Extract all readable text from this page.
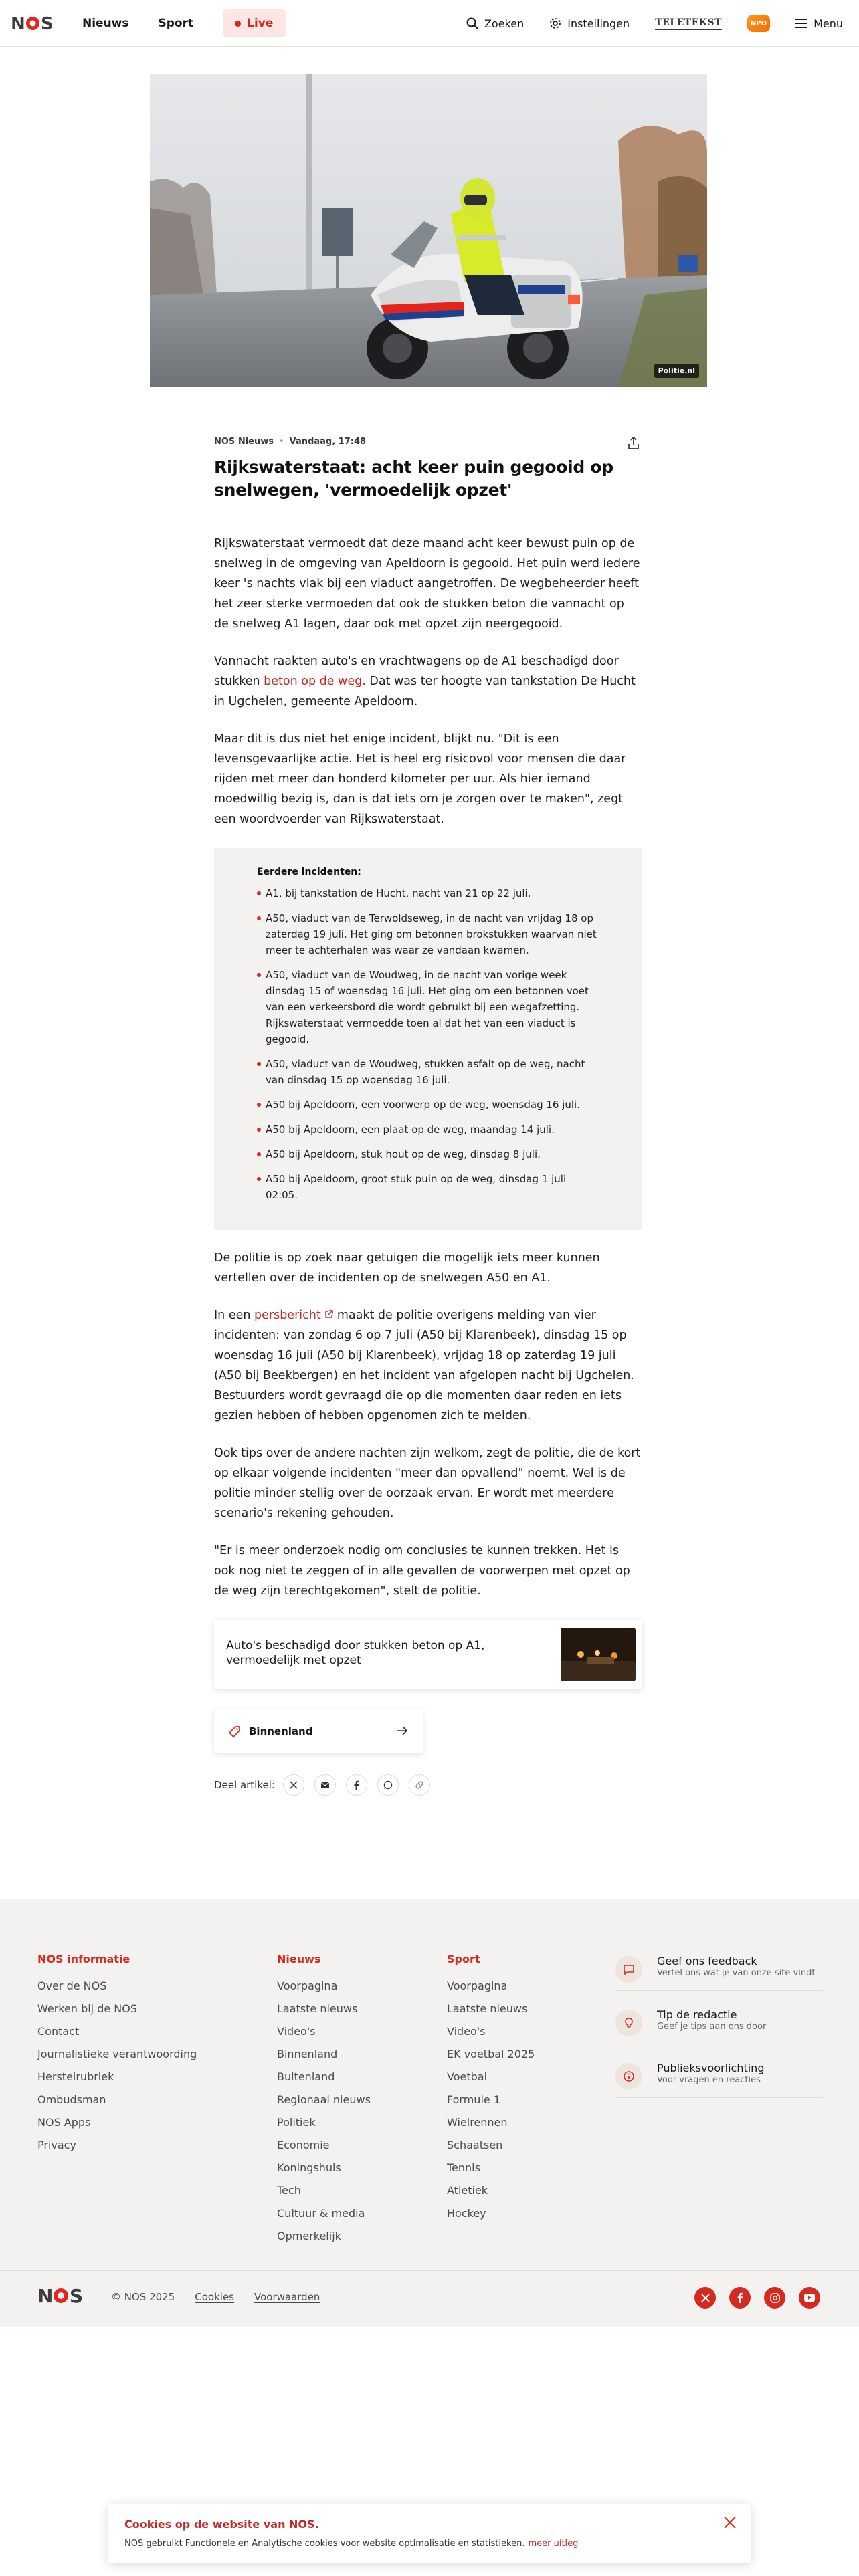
N S	Nieuws	Sport	Live	Zoeken	Instellingen	TELETEKST	NPO	Menu
Politie.nl
NOS Nieuws • Vandaag, 17:48
Rijkswaterstaat: acht keer puin gegooid op snelwegen, 'vermoedelijk opzet'

Rijkswaterstaat vermoedt dat deze maand acht keer bewust puin op de snelweg in de omgeving van Apeldoorn is gegooid. Het puin werd iedere keer 's nachts vlak bij een viaduct aangetroffen. De wegbeheerder heeft het zeer sterke vermoeden dat ook de stukken beton die vannacht op de snelweg A1 lagen, daar ook met opzet zijn neergegooid.

Vannacht raakten auto's en vrachtwagens op de A1 beschadigd door stukken beton op de weg. Dat was ter hoogte van tankstation De Hucht in Ugchelen, gemeente Apeldoorn.

Maar dit is dus niet het enige incident, blijkt nu. "Dit is een levensgevaarlijke actie. Het is heel erg risicovol voor mensen die daar rijden met meer dan honderd kilometer per uur. Als hier iemand moedwillig bezig is, dan is dat iets om je zorgen over te maken", zegt een woordvoerder van Rijkswaterstaat.

Eerdere incidenten:
A1, bij tankstation de Hucht, nacht van 21 op 22 juli.
A50, viaduct van de Terwoldseweg, in de nacht van vrijdag 18 op zaterdag 19 juli. Het ging om betonnen brokstukken waarvan niet meer te achterhalen was waar ze vandaan kwamen.
A50, viaduct van de Woudweg, in de nacht van vorige week dinsdag 15 of woensdag 16 juli. Het ging om een betonnen voet van een verkeersbord die wordt gebruikt bij een wegafzetting. Rijkswaterstaat vermoedde toen al dat het van een viaduct is gegooid.
A50, viaduct van de Woudweg, stukken asfalt op de weg, nacht van dinsdag 15 op woensdag 16 juli.
A50 bij Apeldoorn, een voorwerp op de weg, woensdag 16 juli.
A50 bij Apeldoorn, een plaat op de weg, maandag 14 juli.
A50 bij Apeldoorn, stuk hout op de weg, dinsdag 8 juli.
A50 bij Apeldoorn, groot stuk puin op de weg, dinsdag 1 juli 02:05.

De politie is op zoek naar getuigen die mogelijk iets meer kunnen vertellen over de incidenten op de snelwegen A50 en A1.

In een persbericht  maakt de politie overigens melding van vier incidenten: van zondag 6 op 7 juli (A50 bij Klarenbeek), dinsdag 15 op woensdag 16 juli (A50 bij Klarenbeek), vrijdag 18 op zaterdag 19 juli (A50 bij Beekbergen) en het incident van afgelopen nacht bij Ugchelen. Bestuurders wordt gevraagd die op die momenten daar reden en iets gezien hebben of hebben opgenomen zich te melden.

Ook tips over de andere nachten zijn welkom, zegt de politie, die de kort op elkaar volgende incidenten "meer dan opvallend" noemt. Wel is de politie minder stellig over de oorzaak ervan. Er wordt met meerdere scenario's rekening gehouden.

"Er is meer onderzoek nodig om conclusies te kunnen trekken. Het is ook nog niet te zeggen of in alle gevallen de voorwerpen met opzet op de weg zijn terechtgekomen", stelt de politie.

Auto's beschadigd door stukken beton op A1, vermoedelijk met opzet
Binnenland
Deel artikel:
NOS informatie
Over de NOS
Werken bij de NOS
Contact
Journalistieke verantwoording
Herstelrubriek
Ombudsman
NOS Apps
Privacy
Nieuws
Voorpagina
Laatste nieuws
Video's
Binnenland
Buitenland
Regionaal nieuws
Politiek
Economie
Koningshuis
Tech
Cultuur & media
Opmerkelijk
Sport
Voorpagina
Laatste nieuws
Video's
EK voetbal 2025
Voetbal
Formule 1
Wielrennen
Schaatsen
Tennis
Atletiek
Hockey
Geef ons feedback
Vertel ons wat je van onze site vindt
Tip de redactie
Geef je tips aan ons door
Publieksvoorlichting
Voor vragen en reacties
N S	© NOS 2025 Cookies Voorwaarden
Cookies op de website van NOS.
NOS gebruikt Functionele en Analytische cookies voor website optimalisatie en statistieken. meer uitleg
